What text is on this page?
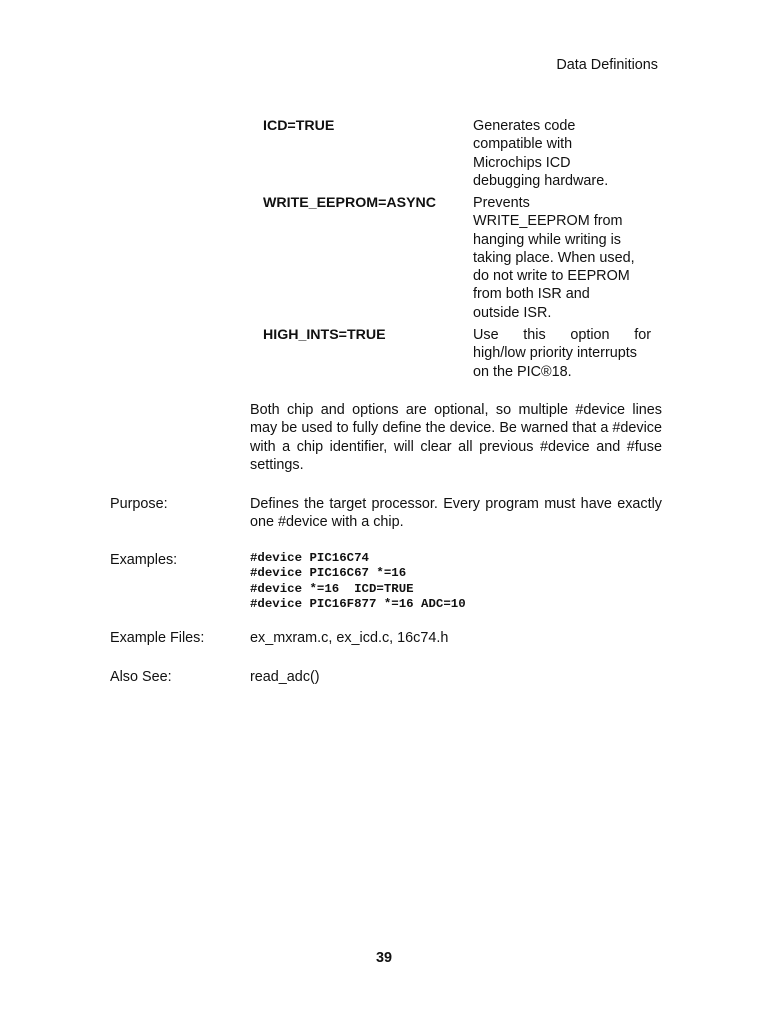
Data Definitions
ICD=TRUE	Generates code
compatible with
Microchips ICD
debugging hardware.
WRITE_EEPROM=ASYNC	Prevents
WRITE_EEPROM from
hanging while writing is
taking place. When used,
do not write to EEPROM
from both ISR and
outside ISR.
HIGH_INTS=TRUE	Use this option for
high/low priority interrupts
on the PIC®18.
Both chip and options are optional, so multiple #device lines may be used to fully define the device. Be warned that a #device with a chip identifier, will clear all previous #device and #fuse settings.
Purpose:	Defines the target processor. Every program must have exactly one #device with a chip.
Examples:	#device PIC16C74
#device PIC16C67 *=16
#device *=16  ICD=TRUE
#device PIC16F877 *=16 ADC=10
Example Files:	ex_mxram.c, ex_icd.c, 16c74.h
Also See:	read_adc()
39
